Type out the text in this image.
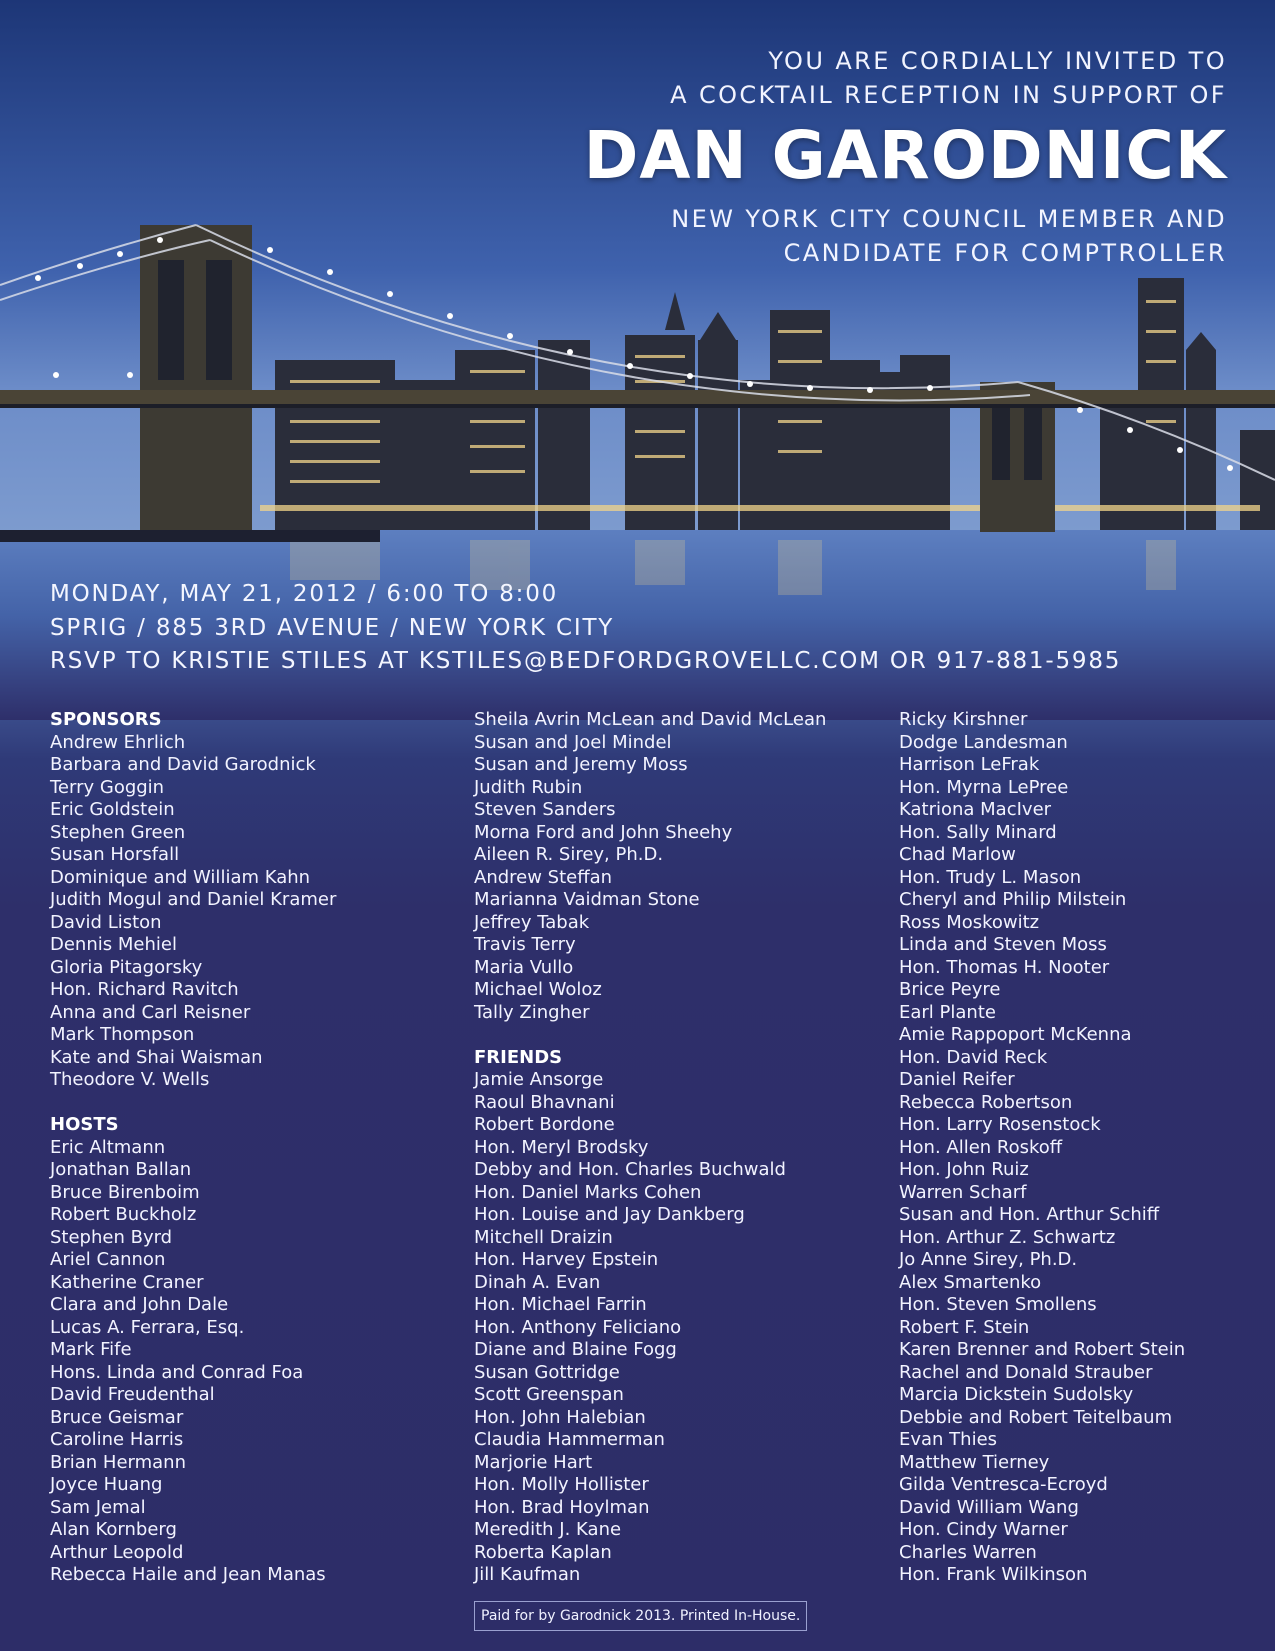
YOU ARE CORDIALLY INVITED TO
A COCKTAIL RECEPTION IN SUPPORT OF
DAN GARODNICK
NEW YORK CITY COUNCIL MEMBER AND
CANDIDATE FOR COMPTROLLER
MONDAY, MAY 21, 2012 / 6:00 TO 8:00
SPRIG / 885 3RD AVENUE / NEW YORK CITY
RSVP TO KRISTIE STILES AT KSTILES@BEDFORDGROVELLC.COM OR 917-881-5985
SPONSORS
Andrew Ehrlich
Barbara and David Garodnick
Terry Goggin
Eric Goldstein
Stephen Green
Susan Horsfall
Dominique and William Kahn
Judith Mogul and Daniel Kramer
David Liston
Dennis Mehiel
Gloria Pitagorsky
Hon. Richard Ravitch
Anna and Carl Reisner
Mark Thompson
Kate and Shai Waisman
Theodore V. Wells
HOSTS
Eric Altmann
Jonathan Ballan
Bruce Birenboim
Robert Buckholz
Stephen Byrd
Ariel Cannon
Katherine Craner
Clara and John Dale
Lucas A. Ferrara, Esq.
Mark Fife
Hons. Linda and Conrad Foa
David Freudenthal
Bruce Geismar
Caroline Harris
Brian Hermann
Joyce Huang
Sam Jemal
Alan Kornberg
Arthur Leopold
Rebecca Haile and Jean Manas
Sheila Avrin McLean and David McLean
Susan and Joel Mindel
Susan and Jeremy Moss
Judith Rubin
Steven Sanders
Morna Ford and John Sheehy
Aileen R. Sirey, Ph.D.
Andrew Steffan
Marianna Vaidman Stone
Jeffrey Tabak
Travis Terry
Maria Vullo
Michael Woloz
Tally Zingher
FRIENDS
Jamie Ansorge
Raoul Bhavnani
Robert Bordone
Hon. Meryl Brodsky
Debby and Hon. Charles Buchwald
Hon. Daniel Marks Cohen
Hon. Louise and Jay Dankberg
Mitchell Draizin
Hon. Harvey Epstein
Dinah A. Evan
Hon. Michael Farrin
Hon. Anthony Feliciano
Diane and Blaine Fogg
Susan Gottridge
Scott Greenspan
Hon. John Halebian
Claudia Hammerman
Marjorie Hart
Hon. Molly Hollister
Hon. Brad Hoylman
Meredith J. Kane
Roberta Kaplan
Jill Kaufman
Ricky Kirshner
Dodge Landesman
Harrison LeFrak
Hon. Myrna LePree
Katriona MacIver
Hon. Sally Minard
Chad Marlow
Hon. Trudy L. Mason
Cheryl and Philip Milstein
Ross Moskowitz
Linda and Steven Moss
Hon. Thomas H. Nooter
Brice Peyre
Earl Plante
Amie Rappoport McKenna
Hon. David Reck
Daniel Reifer
Rebecca Robertson
Hon. Larry Rosenstock
Hon. Allen Roskoff
Hon. John Ruiz
Warren Scharf
Susan and Hon. Arthur Schiff
Hon. Arthur Z. Schwartz
Jo Anne Sirey, Ph.D.
Alex Smartenko
Hon. Steven Smollens
Robert F. Stein
Karen Brenner and Robert Stein
Rachel and Donald Strauber
Marcia Dickstein Sudolsky
Debbie and Robert Teitelbaum
Evan Thies
Matthew Tierney
Gilda Ventresca-Ecroyd
David William Wang
Hon. Cindy Warner
Charles Warren
Hon. Frank Wilkinson
Paid for by Garodnick 2013. Printed In-House.
